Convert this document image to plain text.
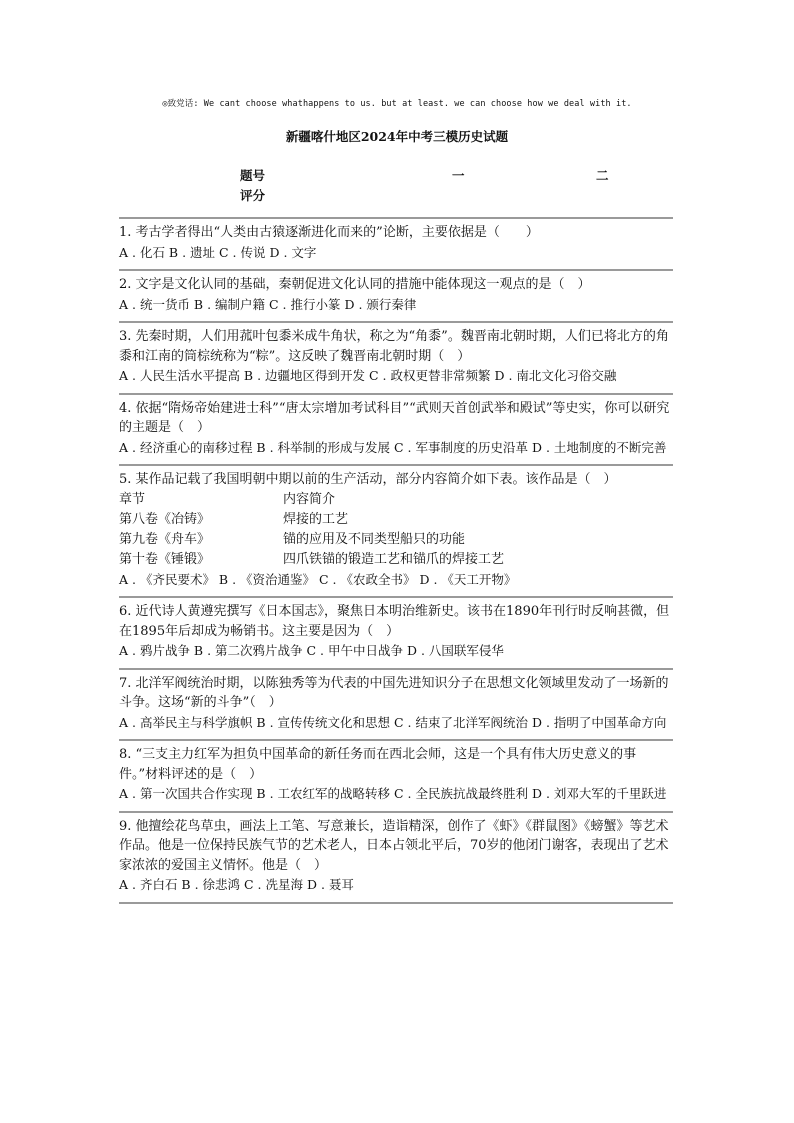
◎致党话: We cant choose whathappens to us. but at least. we can choose how we deal with it.
新疆喀什地区2024年中考三模历史试题
题号	一	二
评分

1. 考古学者得出“人类由古猿逐渐进化而来的”论断，主要依据是（　　）

A . 化石 B . 遗址 C . 传说 D . 文字

2. 文字是文化认同的基础，秦朝促进文化认同的措施中能体现这一观点的是（　）

A . 统一货币 B . 编制户籍 C . 推行小篆 D . 颁行秦律

3. 先秦时期，人们用菰叶包黍米成牛角状，称之为“角黍”。魏晋南北朝时期，人们已将北方的角黍和江南的筒棕统称为“粽”。这反映了魏晋南北朝时期（　）

A . 人民生活水平提高 B . 边疆地区得到开发 C . 政权更替非常频繁 D . 南北文化习俗交融

4. 依据“隋炀帝始建进士科”“唐太宗增加考试科目”“武则天首创武举和殿试”等史实，你可以研究的主题是（　）

A . 经济重心的南移过程 B . 科举制的形成与发展 C . 军事制度的历史沿革 D . 土地制度的不断完善

5. 某作品记载了我国明朝中期以前的生产活动，部分内容简介如下表。该作品是（　）

章节	内容简介
第八卷《冶铸》	焊接的工艺
第九卷《舟车》	锚的应用及不同类型船只的功能
第十卷《锤锻》	四爪铁锚的锻造工艺和锚爪的焊接工艺

A . 《齐民要术》 B . 《资治通鉴》 C . 《农政全书》 D . 《天工开物》

6. 近代诗人黄遵宪撰写《日本国志》，聚焦日本明治维新史。该书在1890年刊行时反响甚微，但在1895年后却成为畅销书。这主要是因为（　）

A . 鸦片战争 B . 第二次鸦片战争 C . 甲午中日战争 D . 八国联军侵华

7. 北洋军阀统治时期，以陈独秀等为代表的中国先进知识分子在思想文化领域里发动了一场新的斗争。这场“新的斗争”（　）

A . 高举民主与科学旗帜 B . 宣传传统文化和思想 C . 结束了北洋军阀统治 D . 指明了中国革命方向

8. “三支主力红军为担负中国革命的新任务而在西北会师，这是一个具有伟大历史意义的事件。”材料评述的是（　）

A . 第一次国共合作实现 B . 工农红军的战略转移 C . 全民族抗战最终胜利 D . 刘邓大军的千里跃进

9. 他擅绘花鸟草虫，画法上工笔、写意兼长，造诣精深，创作了《虾》《群鼠图》《螃蟹》等艺术作品。他是一位保持民族气节的艺术老人，日本占领北平后，70岁的他闭门谢客，表现出了艺术家浓浓的爱国主义情怀。他是（　）

A . 齐白石 B . 徐悲鸿 C . 冼星海 D . 聂耳
